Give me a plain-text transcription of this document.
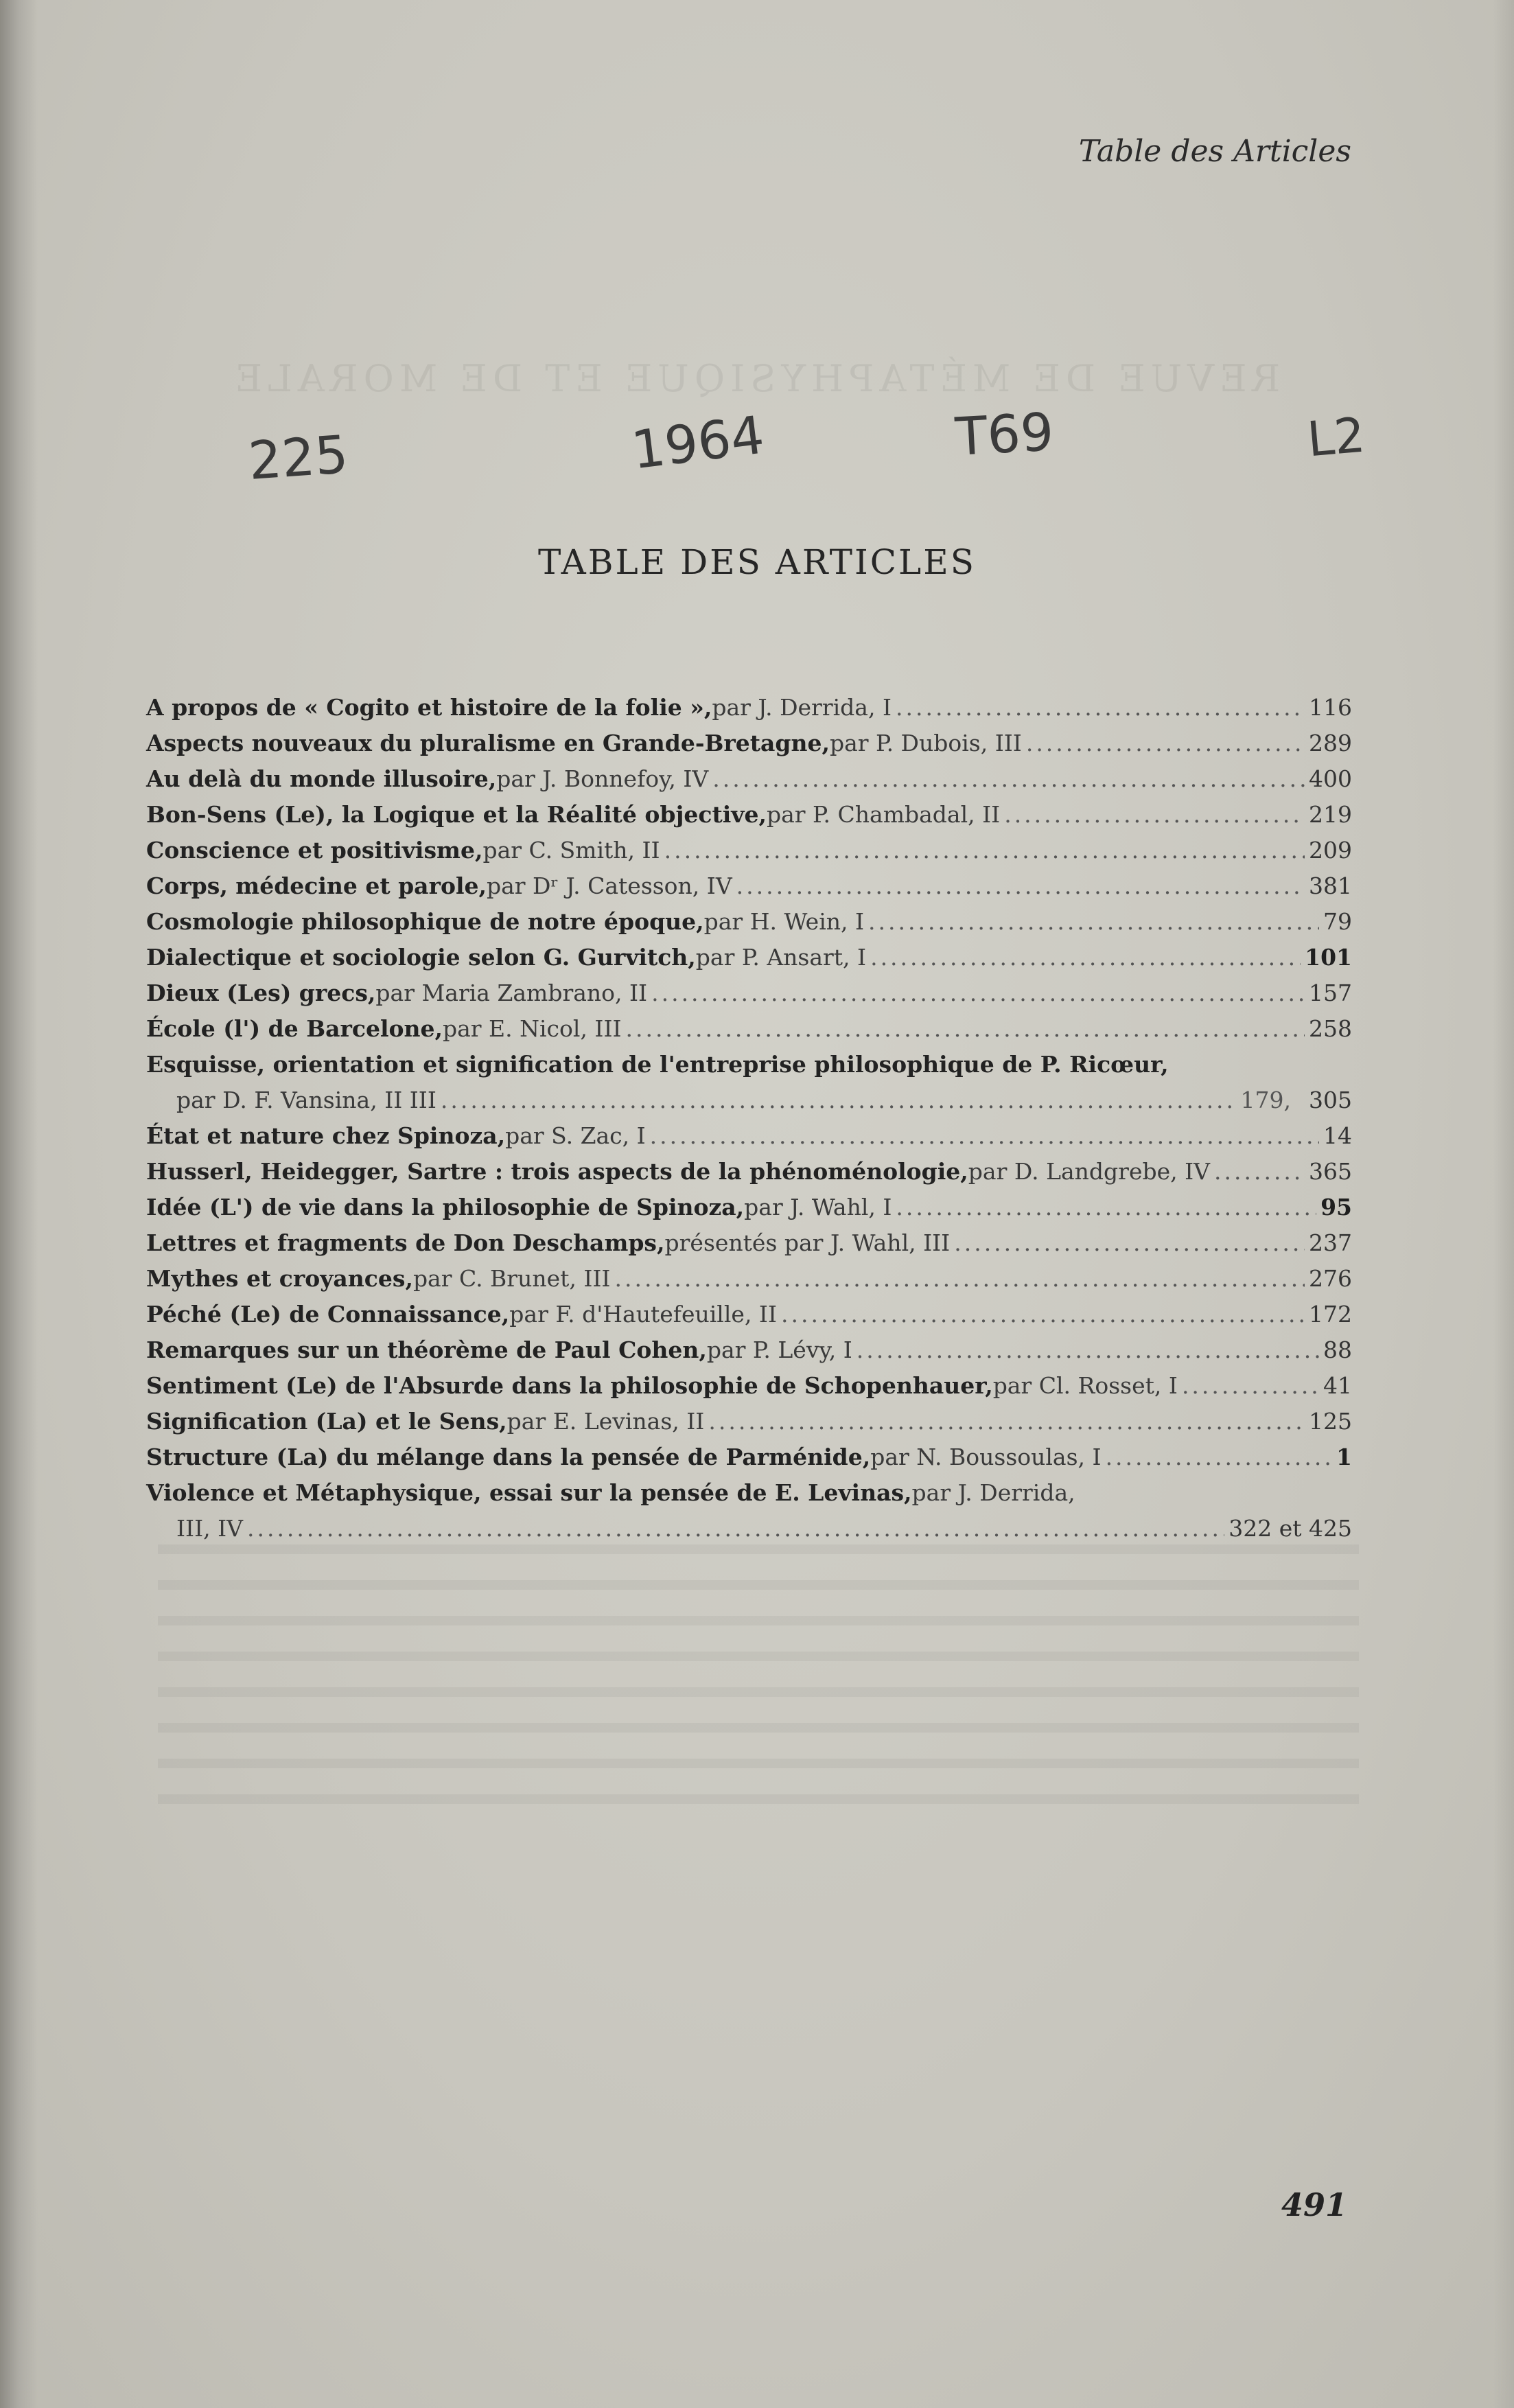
REVUE DE MÉTAPHYSIQUE ET DE MORALE
Table des Articles
225	1964	T69	L2
TABLE DES ARTICLES
A propos de « Cogito et histoire de la folie », par J. Derrida, I .....	116
Aspects nouveaux du pluralisme en Grande-Bretagne, par P. Dubois, III .....	289
Au delà du monde illusoire, par J. Bonnefoy, IV .....	400
Bon-Sens (Le), la Logique et la Réalité objective, par P. Chambadal, II .....	219
Conscience et positivisme, par C. Smith, II .....	209
Corps, médecine et parole, par Dʳ J. Catesson, IV .....	381
Cosmologie philosophique de notre époque, par H. Wein, I .....	79
Dialectique et sociologie selon G. Gurvitch, par P. Ansart, I .....	101
Dieux (Les) grecs, par Maria Zambrano, II .....	157
École (l') de Barcelone, par E. Nicol, III .....	258
Esquisse, orientation et signification de l'entreprise philosophique de P. Ricœur,
par D. F. Vansina, II III .....	179, 305
État et nature chez Spinoza, par S. Zac, I .....	14
Husserl, Heidegger, Sartre : trois aspects de la phénoménologie, par D. Landgrebe, IV .....	365
Idée (L') de vie dans la philosophie de Spinoza, par J. Wahl, I .....	95
Lettres et fragments de Don Deschamps, présentés par J. Wahl, III .....	237
Mythes et croyances, par C. Brunet, III .....	276
Péché (Le) de Connaissance, par F. d'Hautefeuille, II .....	172
Remarques sur un théorème de Paul Cohen, par P. Lévy, I .....	88
Sentiment (Le) de l'Absurde dans la philosophie de Schopenhauer, par Cl. Rosset, I .....	41
Signification (La) et le Sens, par E. Levinas, II .....	125
Structure (La) du mélange dans la pensée de Parménide, par N. Boussoulas, I .....	1
Violence et Métaphysique, essai sur la pensée de E. Levinas, par J. Derrida,
III, IV .....	322 et 425
491
